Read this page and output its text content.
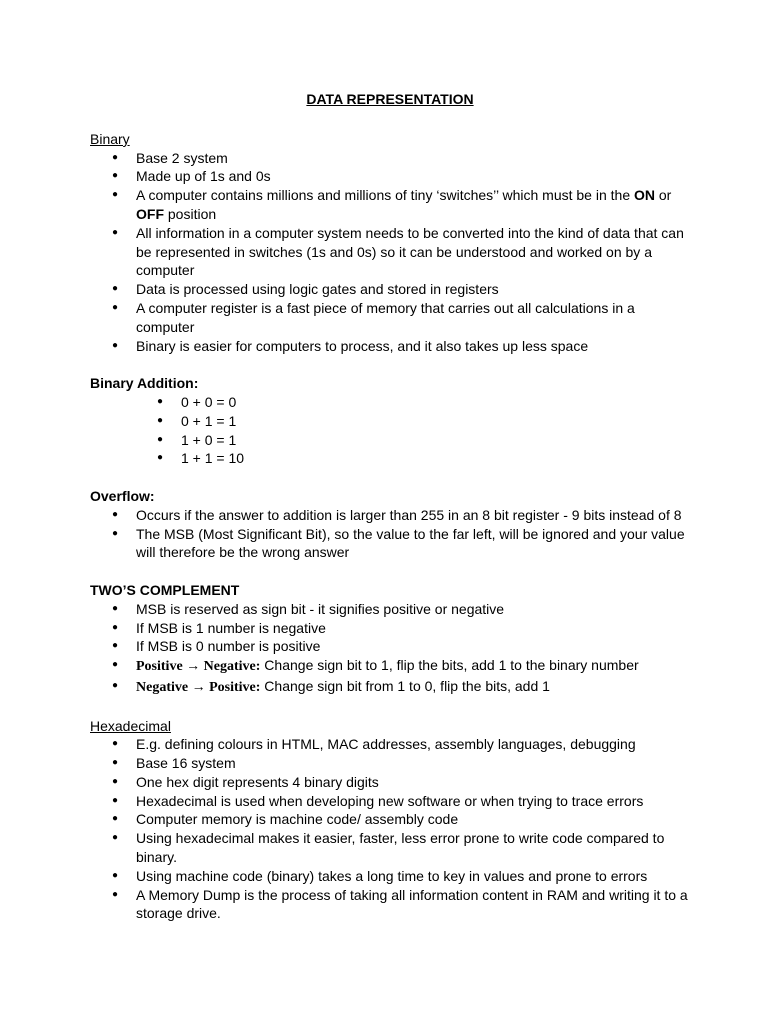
DATA REPRESENTATION
Binary
● Base 2 system
● Made up of 1s and 0s
● A computer contains millions and millions of tiny ‘switches’’ which must be in the ON or OFF position
● All information in a computer system needs to be converted into the kind of data that can be represented in switches (1s and 0s) so it can be understood and worked on by a computer
● Data is processed using logic gates and stored in registers
● A computer register is a fast piece of memory that carries out all calculations in a computer
● Binary is easier for computers to process, and it also takes up less space
Binary Addition:
● 0 + 0 = 0
● 0 + 1 = 1
● 1 + 0 = 1
● 1 + 1 = 10
Overflow:
● Occurs if the answer to addition is larger than 255 in an 8 bit register - 9 bits instead of 8
● The MSB (Most Significant Bit), so the value to the far left, will be ignored and your value will therefore be the wrong answer
TWO’S COMPLEMENT
● MSB is reserved as sign bit - it signifies positive or negative
● If MSB is 1 number is negative
● If MSB is 0 number is positive
● Positive → Negative: Change sign bit to 1, flip the bits, add 1 to the binary number
● Negative → Positive: Change sign bit from 1 to 0, flip the bits, add 1
Hexadecimal
● E.g. defining colours in HTML, MAC addresses, assembly languages, debugging
● Base 16 system
● One hex digit represents 4 binary digits
● Hexadecimal is used when developing new software or when trying to trace errors
● Computer memory is machine code/ assembly code
● Using hexadecimal makes it easier, faster, less error prone to write code compared to binary.
● Using machine code (binary) takes a long time to key in values and prone to errors
● A Memory Dump is the process of taking all information content in RAM and writing it to a storage drive.
